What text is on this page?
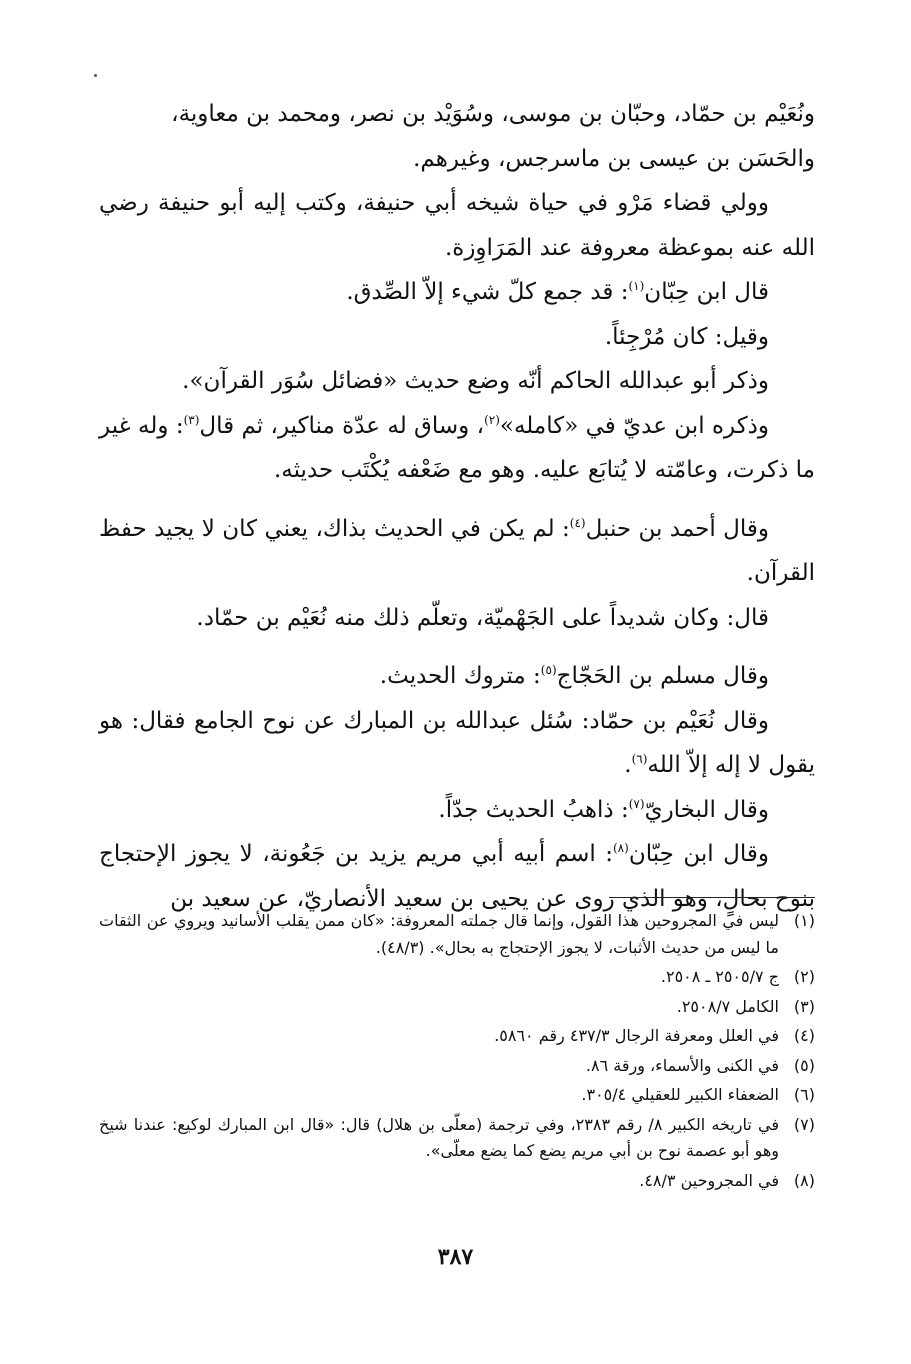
ونُعَيْم بن حمّاد، وحبّان بن موسى، وسُوَيْد بن نصر، ومحمد بن معاوية،
والحَسَن بن عيسى بن ماسرجس، وغيرهم.

وولي قضاء مَرْو في حياة شيخه أبي حنيفة، وكتب إليه أبو حنيفة رضي الله عنه بموعظة معروفة عند المَرَاوِزة.

قال ابن حِبّان$^{(١)}$: قد جمع كلّ شيء إلاّ الصِّدق.

وقيل: كان مُرْجِئاً.

وذكر أبو عبدالله الحاكم أنّه وضع حديث «فضائل سُوَر القرآن».

وذكره ابن عديّ في «كامله»$^{(٢)}$، وساق له عدّة مناكير، ثم قال$^{(٣)}$: وله غير ما ذكرت، وعامّته لا يُتابَع عليه. وهو مع ضَعْفه يُكْتَب حديثه.

وقال أحمد بن حنبل$^{(٤)}$: لم يكن في الحديث بذاك، يعني كان لا يجيد حفظ القرآن.

قال: وكان شديداً على الجَهْميّة، وتعلّم ذلك منه نُعَيْم بن حمّاد.

وقال مسلم بن الحَجّاج$^{(٥)}$: متروك الحديث.

وقال نُعَيْم بن حمّاد: سُئل عبدالله بن المبارك عن نوح الجامع فقال: هو يقول لا إله إلاّ الله$^{(٦)}$.

وقال البخاريّ$^{(٧)}$: ذاهبُ الحديث جدّاً.

وقال ابن حِبّان$^{(٨)}$: اسم أبيه أبي مريم يزيد بن جَعُونة، لا يجوز الإحتجاج بنوح بحالٍ، وهو الذي روى عن يحيى بن سعيد الأنصاريّ، عن سعيد بن

(١)
ليس في المجروحين هذا القول، وإنما قال جملته المعروفة: «كان ممن يقلب الأسانيد ويروي عن الثقات ما ليس من حديث الأثبات، لا يجوز الإحتجاج به بحال». (٤٨/٣).

(٢)
ج ٢٥٠٥/٧ ـ ٢٥٠٨.

(٣)
الكامل ٢٥٠٨/٧.

(٤)
في العلل ومعرفة الرجال ٤٣٧/٣ رقم ٥٨٦٠.

(٥)
في الكنى والأسماء، ورقة ٨٦.

(٦)
الضعفاء الكبير للعقيلي ٣٠٥/٤.

(٧)
في تاريخه الكبير ٨/ رقم ٢٣٨٣، وفي ترجمة (معلّى بن هلال) قال: «قال ابن المبارك لوكيع: عندنا شيخ وهو أبو عصمة نوح بن أبي مريم يضع كما يضع معلّى».

(٨)
في المجروحين ٤٨/٣.

٣٨٧
